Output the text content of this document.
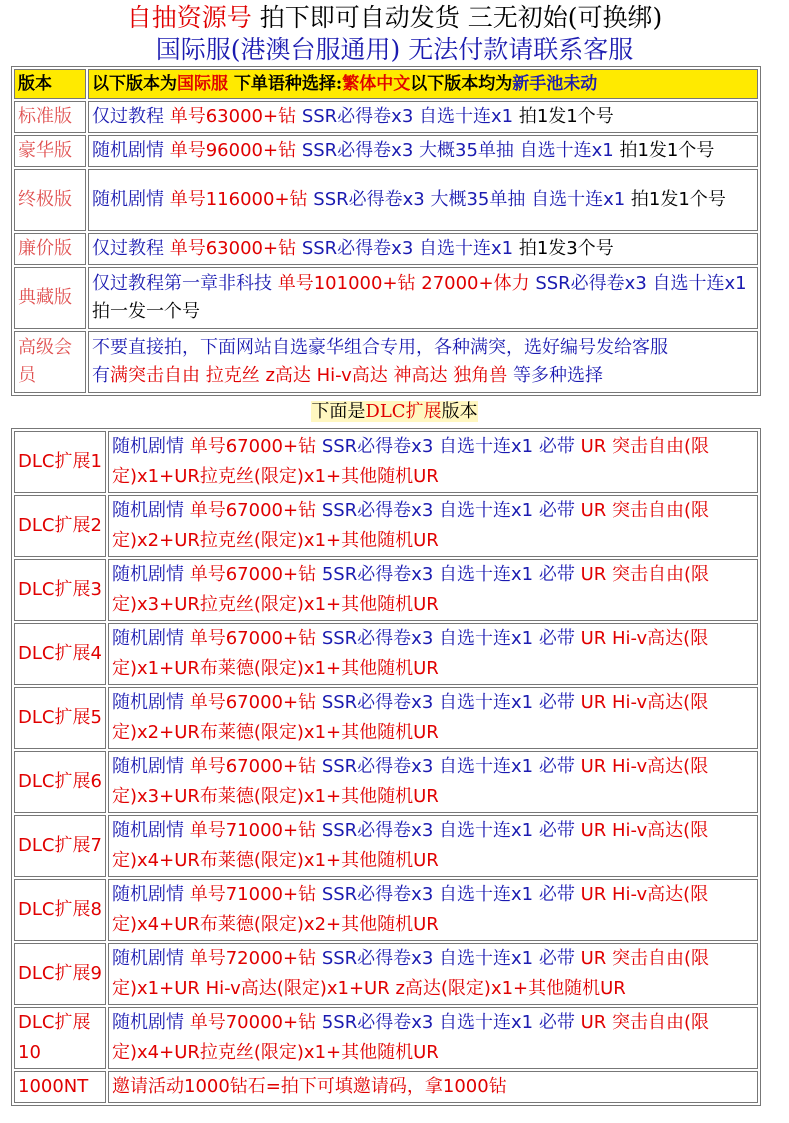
自抽资源号 拍下即可自动发货 三无初始(可换绑)
国际服(港澳台服通用) 无法付款请联系客服
版本	以下版本为国际服 下单语种选择:繁体中文以下版本均为新手池未动
标准版	仅过教程 单号63000+钻 SSR必得卷x3 自选十连x1 拍1发1个号
豪华版	随机剧情 单号96000+钻 SSR必得卷x3 大概35单抽 自选十连x1 拍1发1个号
终极版	随机剧情 单号116000+钻 SSR必得卷x3 大概35单抽 自选十连x1 拍1发1个号
廉价版	仅过教程 单号63000+钻 SSR必得卷x3 自选十连x1 拍1发3个号
典藏版	仅过教程第一章非科技 单号101000+钻 27000+体力 SSR必得卷x3 自选十连x1 拍一发一个号
高级会员	不要直接拍，下面网站自选豪华组合专用，各种满突，选好编号发给客服
有满突击自由 拉克丝 z高达 Hi-v高达 神高达 独角兽 等多种选择
下面是DLC扩展版本
DLC扩展1	随机剧情 单号67000+钻 SSR必得卷x3 自选十连x1 必带 UR 突击自由(限定)x1+UR拉克丝(限定)x1+其他随机UR
DLC扩展2	随机剧情 单号67000+钻 SSR必得卷x3 自选十连x1 必带 UR 突击自由(限定)x2+UR拉克丝(限定)x1+其他随机UR
DLC扩展3	随机剧情 单号67000+钻 5SR必得卷x3 自选十连x1 必带 UR 突击自由(限定)x3+UR拉克丝(限定)x1+其他随机UR
DLC扩展4	随机剧情 单号67000+钻 SSR必得卷x3 自选十连x1 必带 UR Hi-v高达(限定)x1+UR布莱德(限定)x1+其他随机UR
DLC扩展5	随机剧情 单号67000+钻 SSR必得卷x3 自选十连x1 必带 UR Hi-v高达(限定)x2+UR布莱德(限定)x1+其他随机UR
DLC扩展6	随机剧情 单号67000+钻 SSR必得卷x3 自选十连x1 必带 UR Hi-v高达(限定)x3+UR布莱德(限定)x1+其他随机UR
DLC扩展7	随机剧情 单号71000+钻 SSR必得卷x3 自选十连x1 必带 UR Hi-v高达(限定)x4+UR布莱德(限定)x1+其他随机UR
DLC扩展8	随机剧情 单号71000+钻 SSR必得卷x3 自选十连x1 必带 UR Hi-v高达(限定)x4+UR布莱德(限定)x2+其他随机UR
DLC扩展9	随机剧情 单号72000+钻 SSR必得卷x3 自选十连x1 必带 UR 突击自由(限定)x1+UR Hi-v高达(限定)x1+UR z高达(限定)x1+其他随机UR
DLC扩展10	随机剧情 单号70000+钻 5SR必得卷x3 自选十连x1 必带 UR 突击自由(限定)x4+UR拉克丝(限定)x1+其他随机UR
1000NT	邀请活动1000钻石=拍下可填邀请码，拿1000钻
